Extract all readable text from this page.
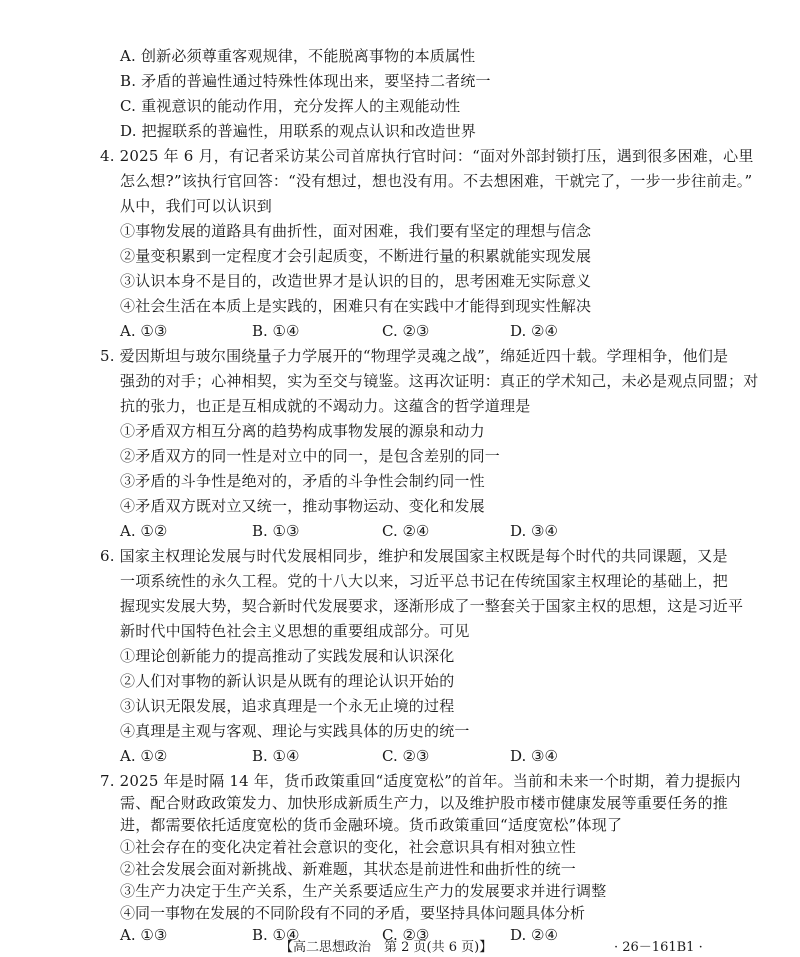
A. 创新必须尊重客观规律，不能脱离事物的本质属性
B. 矛盾的普遍性通过特殊性体现出来，要坚持二者统一
C. 重视意识的能动作用，充分发挥人的主观能动性
D. 把握联系的普遍性，用联系的观点认识和改造世界
4. 2025 年 6 月，有记者采访某公司首席执行官时问：“面对外部封锁打压，遇到很多困难，心里
怎么想?”该执行官回答：“没有想过，想也没有用。不去想困难，干就完了，一步一步往前走。”
从中，我们可以认识到
①事物发展的道路具有曲折性，面对困难，我们要有坚定的理想与信念
②量变积累到一定程度才会引起质变，不断进行量的积累就能实现发展
③认识本身不是目的，改造世界才是认识的目的，思考困难无实际意义
④社会生活在本质上是实践的，困难只有在实践中才能得到现实性解决
A. ①③	B. ①④	C. ②③	D. ②④
5. 爱因斯坦与玻尔围绕量子力学展开的“物理学灵魂之战”，绵延近四十载。学理相争，他们是
强劲的对手；心神相契，实为至交与镜鉴。这再次证明：真正的学术知己，未必是观点同盟；对
抗的张力，也正是互相成就的不竭动力。这蕴含的哲学道理是
①矛盾双方相互分离的趋势构成事物发展的源泉和动力
②矛盾双方的同一性是对立中的同一，是包含差别的同一
③矛盾的斗争性是绝对的，矛盾的斗争性会制约同一性
④矛盾双方既对立又统一，推动事物运动、变化和发展
A. ①②	B. ①③	C. ②④	D. ③④
6. 国家主权理论发展与时代发展相同步，维护和发展国家主权既是每个时代的共同课题，又是
一项系统性的永久工程。党的十八大以来，习近平总书记在传统国家主权理论的基础上，把
握现实发展大势，契合新时代发展要求，逐渐形成了一整套关于国家主权的思想，这是习近平
新时代中国特色社会主义思想的重要组成部分。可见
①理论创新能力的提高推动了实践发展和认识深化
②人们对事物的新认识是从既有的理论认识开始的
③认识无限发展，追求真理是一个永无止境的过程
④真理是主观与客观、理论与实践具体的历史的统一
A. ①②	B. ①④	C. ②③	D. ③④
7. 2025 年是时隔 14 年，货币政策重回“适度宽松”的首年。当前和未来一个时期，着力提振内
需、配合财政政策发力、加快形成新质生产力，以及维护股市楼市健康发展等重要任务的推
进，都需要依托适度宽松的货币金融环境。货币政策重回“适度宽松”体现了
①社会存在的变化决定着社会意识的变化，社会意识具有相对独立性
②社会发展会面对新挑战、新难题，其状态是前进性和曲折性的统一
③生产力决定于生产关系，生产关系要适应生产力的发展要求并进行调整
④同一事物在发展的不同阶段有不同的矛盾，要坚持具体问题具体分析
A. ①③	B. ①④	C. ②③	D. ②④
【高二思想政治　第 2 页(共 6 页)】	· 26－161B1 ·
